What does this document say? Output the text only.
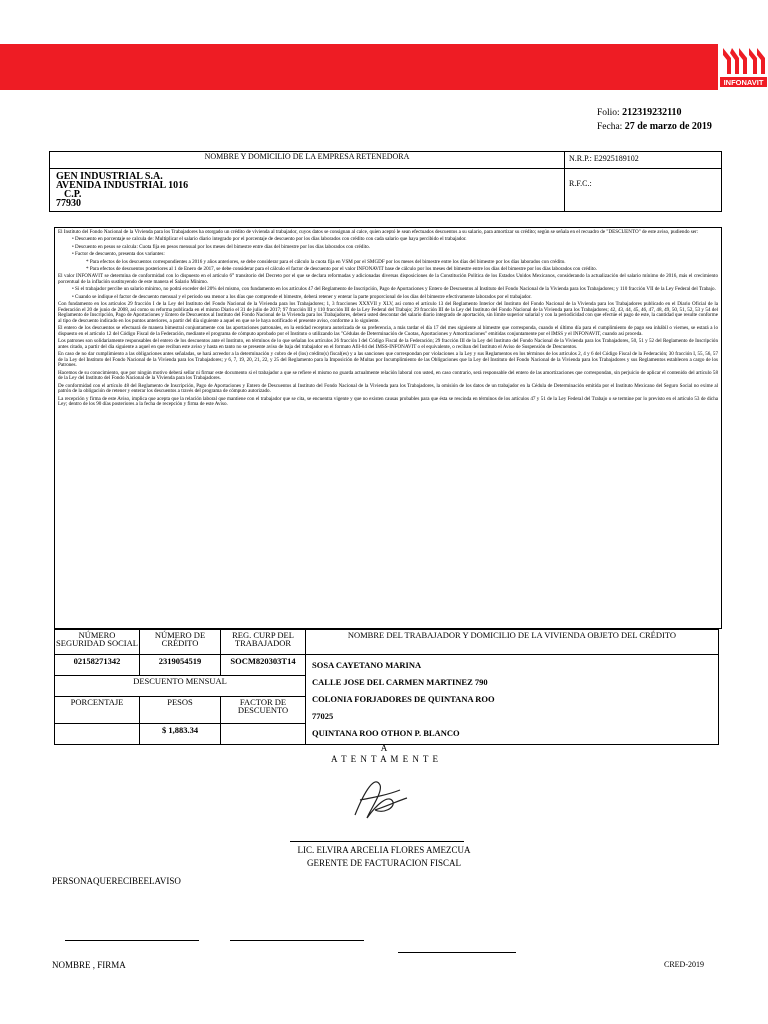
INFONAVIT
Folio: 212319232110
Fecha: 27 de marzo de 2019
NOMBRE Y DOMICILIO DE LA EMPRESA RETENEDORA	N.R.P.: E2925189102

GEN INDUSTRIAL S.A.
AVENIDA INDUSTRIAL 1016
C.P.
77930	R.F.C.:

El Instituto del Fondo Nacional de la Vivienda para los Trabajadores ha otorgado un crédito de vivienda al trabajador, cuyos datos se consignan al calce, quien aceptó le sean efectuados descuentos a su salario, para amortizar su crédito; según se señala en el recuadro de "DESCUENTO" de este aviso, pudiendo ser:

• Descuento en porcentaje se calcula de: Multiplicar el salario diario integrado por el porcentaje de descuento por los días laborados con crédito con cada salario que haya percibido el trabajador.

• Descuento en pesos se calcula: Cuota fija en pesos mensual por los meses del bimestre entre días del bimestre por los días laborados con crédito.

• Factor de descuento, presenta dos variantes:

* Para efectos de los descuentos correspondientes a 2016 y años anteriores, se debe considerar para el cálculo la cuota fija en VSM por el SMGDF por los meses del bimestre entre los días del bimestre por los días laborados con crédito.

* Para efectos de descuentos posteriores al 1 de Enero de 2017, se debe considerar para el cálculo el factor de descuento por el valor INFONAVIT base de cálculo por los meses del bimestre entre los días del bimestre por los días laborados con crédito.

El valor INFONAVIT se determina de conformidad con lo dispuesto en el artículo 6° transitorio del Decreto por el que se declara reformadas y adicionadas diversas disposiciones de la Constitución Política de los Estados Unidos Mexicanos, considerando la actualización del salario mínimo de 2016, más el crecimiento porcentual de la inflación sustituyendo de este manera el Salario Mínimo.

• Si el trabajador percibe un salario mínimo, no podrá exceder del 20% del mismo, con fundamento en los artículos 47 del Reglamento de Inscripción, Pago de Aportaciones y Entero de Descuentos al Instituto del Fondo Nacional de la Vivienda para los Trabajadores; y 110 fracción VII de la Ley Federal del Trabajo.

• Cuando se indique el factor de descuento mensual y el periodo sea menor a los días que comprende el bimestre, deberá retener y enterar la parte proporcional de los días del bimestre efectivamente laborados por el trabajador.

Con fundamento en los artículos 29 fracción I de la Ley del Instituto del Fondo Nacional de la Vivienda para los Trabajadores; 1, 3 fracciones XXXVII y XLV, así como el artículo 13 del Reglamento Interior del Instituto del Fondo Nacional de la Vivienda para los Trabajadores publicado en el Diario Oficial de la Federación el 20 de junio de 2008, así como su reforma publicada en el mismo Diario el 31 de julio de 2017; 97 fracción III y 110 fracción III de la Ley Federal del Trabajo; 29 fracción III de la Ley del Instituto del Fondo Nacional de la Vivienda para los Trabajadores; 42, 43, 44, 45, 46, 47, 48, 49, 50, 51, 52, 53 y 54 del Reglamento de Inscripción, Pago de Aportaciones y Entero de Descuentos al Instituto del Fondo Nacional de la Vivienda para los Trabajadores, deberá usted descontar del salario diario integrado de aportación, sin límite superior salarial y con la periodicidad con que efectúe el pago de este, la cantidad que resulte conforme al tipo de descuento indicado en los puntos anteriores, a partir del día siguiente a aquel en que se le haya notificado el presente aviso, conforme a lo siguiente.

El entero de los descuentos se efectuará de manera bimestral conjuntamente con las aportaciones patronales, en la entidad receptora autorizada de su preferencia, a más tardar el día 17 del mes siguiente al bimestre que corresponda, cuando el último día para el cumplimiento de pago sea inhábil o viernes, se estará a lo dispuesto en el artículo 12 del Código Fiscal de la Federación, mediante el programa de cómputo aprobado por el Instituto o utilizando las "Cédulas de Determinación de Cuotas, Aportaciones y Amortizaciones" emitidas conjuntamente por el IMSS y el INFONAVIT, cuando así proceda.

Los patrones son solidariamente responsables del entero de los descuentos ante el Instituto, en términos de lo que señalan los artículos 26 fracción I del Código Fiscal de la Federación; 29 fracción III de la Ley del Instituto del Fondo Nacional de la Vivienda para los Trabajadores, 50, 51 y 52 del Reglamento de Inscripción antes citado, a partir del día siguiente a aquel en que reciban este aviso y hasta en tanto no se presente aviso de baja del trabajador en el formato Afil-04 del IMSS-INFONAVIT o el equivalente, o reciban del Instituto el Aviso de Suspensión de Descuentos.

En caso de no dar cumplimiento a las obligaciones antes señaladas, se hará acreedor a la determinación y cobro de el (los) crédito(s) fiscal(es) y a las sanciones que correspondan por violaciones a la Ley y sus Reglamentos en los términos de los artículos 2, 4 y 6 del Código Fiscal de la Federación; 30 fracción I, 55, 56, 57 de la Ley del Instituto del Fondo Nacional de la Vivienda para los Trabajadores; y 6, 7, 19, 20, 21, 22, y 25 del Reglamento para la Imposición de Multas por Incumplimiento de las Obligaciones que la Ley del Instituto del Fondo Nacional de la Vivienda para los Trabajadores y sus Reglamentos establecen a cargo de los Patrones.

Hacemos de su conocimiento, que por ningún motivo deberá sellar ni firmar este documento si el trabajador a que se refiere el mismo no guarda actualmente relación laboral con usted, en caso contrario, será responsable del entero de las amortizaciones que correspondan, sin perjuicio de aplicar el contenido del artículo 58 de la Ley del Instituto del Fondo Nacional de la Vivienda para los Trabajadores.

De conformidad con el artículo 48 del Reglamento de Inscripción, Pago de Aportaciones y Entero de Descuentos al Instituto del Fondo Nacional de la Vivienda para los Trabajadores, la omisión de los datos de un trabajador en la Cédula de Determinación emitida por el Instituto Mexicano del Seguro Social no exime al patrón de la obligación de retener y enterar los descuentos a través del programa de cómputo autorizado.

La recepción y firma de este Aviso, implica que acepta que la relación laboral que mantiene con el trabajador que se cita, se encuentra vigente y que no existen causas probables para que ésta se rescinda en términos de los artículos 47 y 51 de la Ley Federal del Trabajo o se termine por lo previsto en el artículo 53 de dicha Ley; dentro de los 90 días posteriores a la fecha de recepción y firma de este Aviso.

NÚMERO SEGURIDAD SOCIAL	NÚMERO DE CRÉDITO	REG. CURP DEL TRABAJADOR	NOMBRE DEL TRABAJADOR Y DOMICILIO DE LA VIVIENDA OBJETO DEL CRÉDITO	
02158271342	2319054519	SOCM820303T14	SOSA CAYETANO MARINA
CALLE JOSE DEL CARMEN MARTINEZ 790
COLONIA FORJADORES DE QUINTANA ROO
77025
QUINTANA ROO OTHON P. BLANCO	

DESCUENTO MENSUAL				
PORCENTAJE	PESOS	FACTOR DE DESCUENTO		
	$ 1,883.34			
A
A T E N T A M E N T E
LIC. ELVIRA ARCELIA FLORES AMEZCUA
GERENTE DE FACTURACION FISCAL
PERSONAQUERECIBEELAVISO
NOMBRE , FIRMA	CRED-2019
